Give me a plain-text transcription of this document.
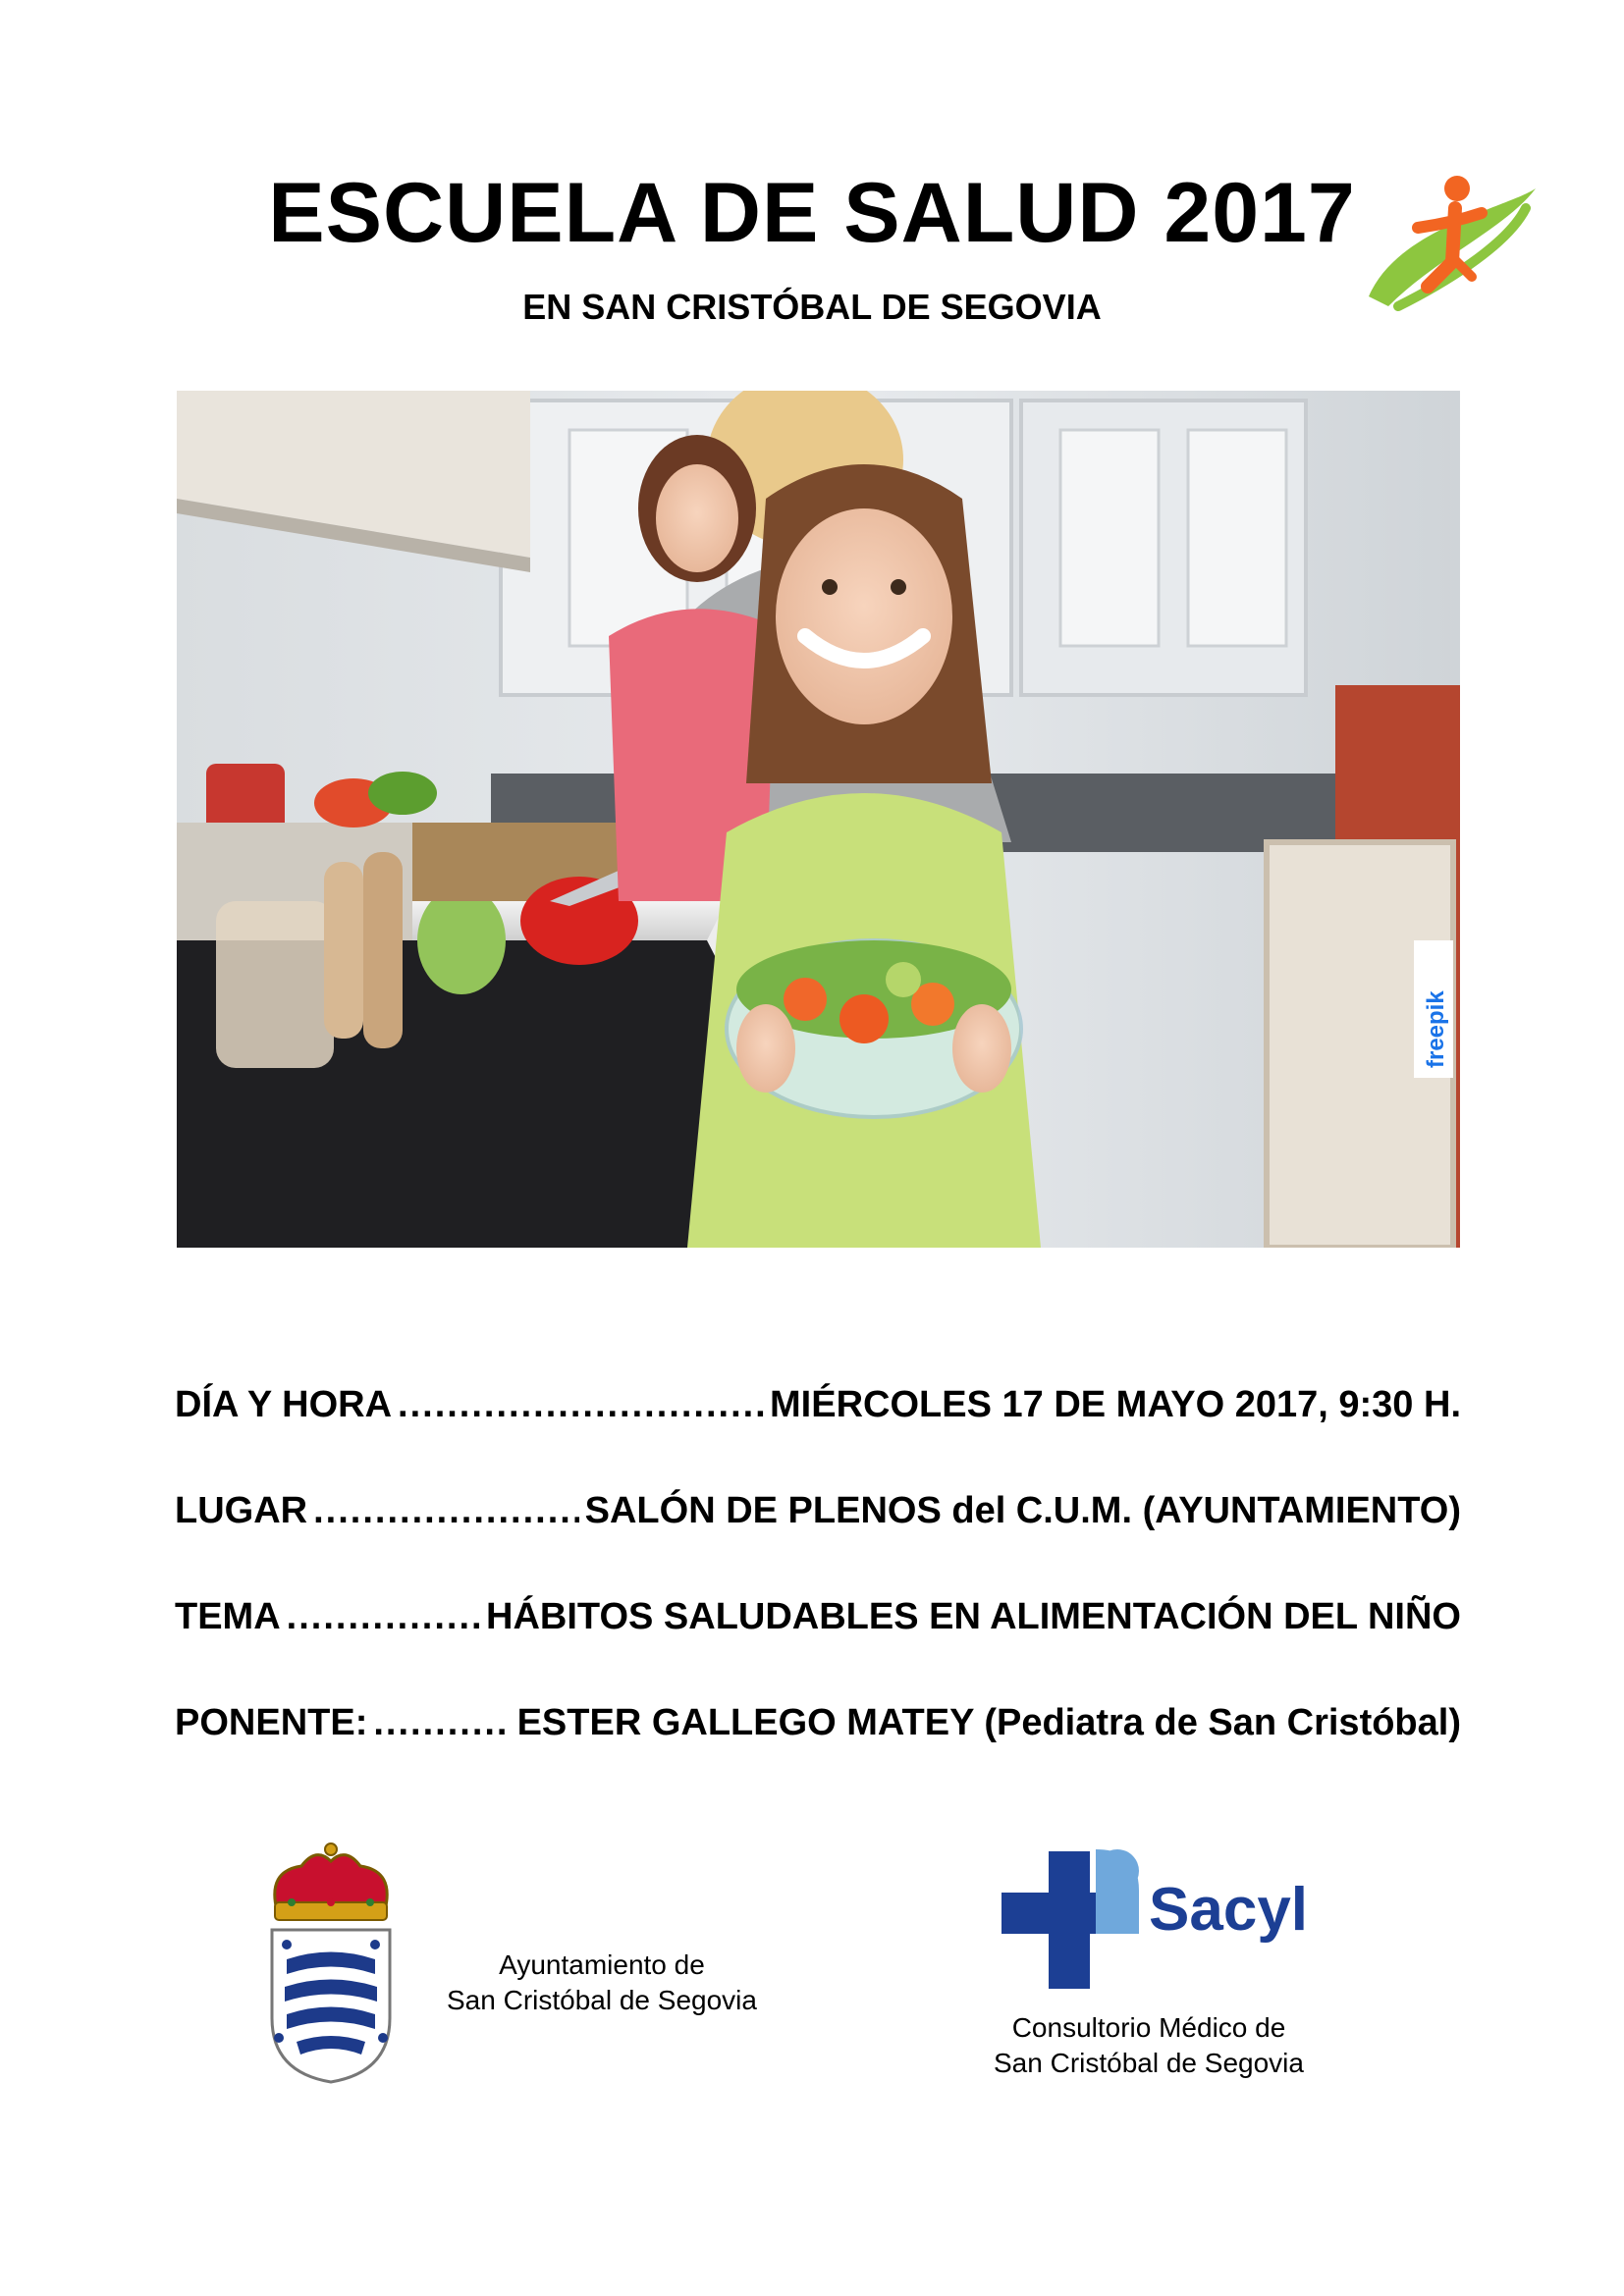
ESCUELA DE SALUD 2017
EN SAN CRISTÓBAL DE SEGOVIA
freepik
DÍA Y HORA .....	MIÉRCOLES 17 DE MAYO 2017, 9:30 H.
LUGAR .....	SALÓN DE PLENOS del C.U.M. (AYUNTAMIENTO)
TEMA .....	HÁBITOS SALUDABLES EN ALIMENTACIÓN DEL NIÑO
PONENTE: .....	ESTER GALLEGO MATEY (Pediatra de San Cristóbal)
Ayuntamiento de
San Cristóbal de Segovia
Sacyl
Consultorio Médico de
San Cristóbal de Segovia
